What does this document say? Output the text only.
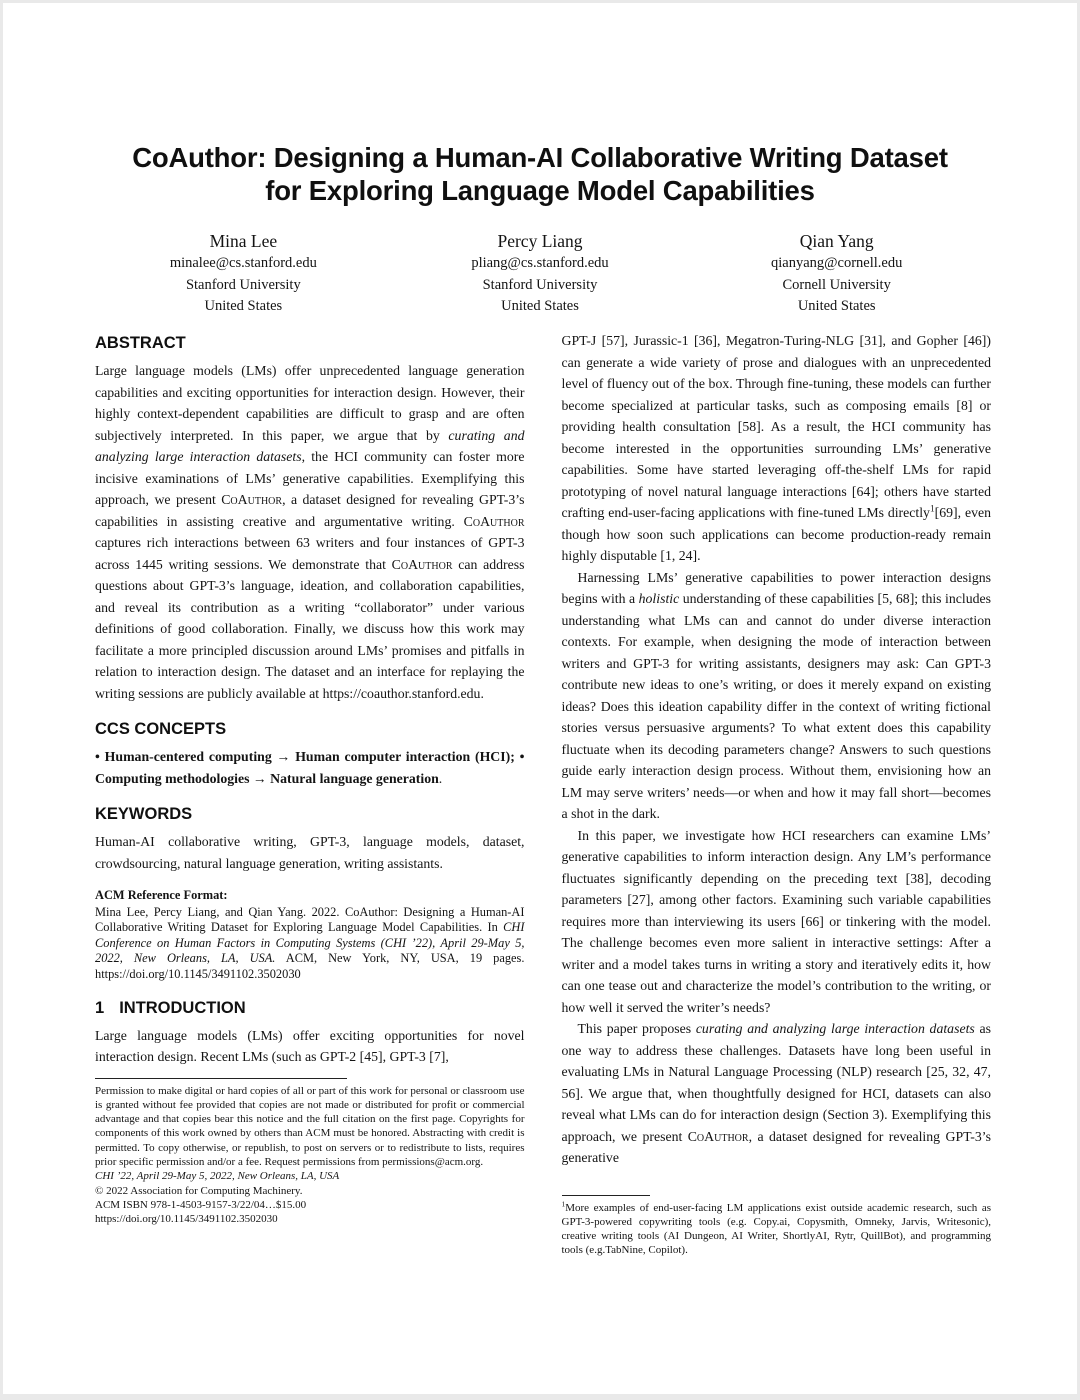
CoAuthor: Designing a Human-AI Collaborative Writing Dataset
for Exploring Language Model Capabilities
Mina Lee
minalee@cs.stanford.edu
Stanford University
United States
Percy Liang
pliang@cs.stanford.edu
Stanford University
United States
Qian Yang
qianyang@cornell.edu
Cornell University
United States
ABSTRACT
Large language models (LMs) offer unprecedented language generation capabilities and exciting opportunities for interaction design. However, their highly context-dependent capabilities are difficult to grasp and are often subjectively interpreted. In this paper, we argue that by curating and analyzing large interaction datasets, the HCI community can foster more incisive examinations of LMs’ generative capabilities. Exemplifying this approach, we present CoAuthor, a dataset designed for revealing GPT-3’s capabilities in assisting creative and argumentative writing. CoAuthor captures rich interactions between 63 writers and four instances of GPT-3 across 1445 writing sessions. We demonstrate that CoAuthor can address questions about GPT-3’s language, ideation, and collaboration capabilities, and reveal its contribution as a writing “collaborator” under various definitions of good collaboration. Finally, we discuss how this work may facilitate a more principled discussion around LMs’ promises and pitfalls in relation to interaction design. The dataset and an interface for replaying the writing sessions are publicly available at https://coauthor.stanford.edu.
CCS CONCEPTS
• Human-centered computing → Human computer interaction (HCI); • Computing methodologies → Natural language generation.
KEYWORDS
Human-AI collaborative writing, GPT-3, language models, dataset, crowdsourcing, natural language generation, writing assistants.
ACM Reference Format:
Mina Lee, Percy Liang, and Qian Yang. 2022. CoAuthor: Designing a Human-AI Collaborative Writing Dataset for Exploring Language Model Capabilities. In CHI Conference on Human Factors in Computing Systems (CHI ’22), April 29-May 5, 2022, New Orleans, LA, USA. ACM, New York, NY, USA, 19 pages. https://doi.org/10.1145/3491102.3502030
1 INTRODUCTION
Large language models (LMs) offer exciting opportunities for novel interaction design. Recent LMs (such as GPT-2 [45], GPT-3 [7],
Permission to make digital or hard copies of all or part of this work for personal or classroom use is granted without fee provided that copies are not made or distributed for profit or commercial advantage and that copies bear this notice and the full citation on the first page. Copyrights for components of this work owned by others than ACM must be honored. Abstracting with credit is permitted. To copy otherwise, or republish, to post on servers or to redistribute to lists, requires prior specific permission and/or a fee. Request permissions from permissions@acm.org.
CHI ’22, April 29-May 5, 2022, New Orleans, LA, USA
© 2022 Association for Computing Machinery.
ACM ISBN 978-1-4503-9157-3/22/04…$15.00
https://doi.org/10.1145/3491102.3502030
GPT-J [57], Jurassic-1 [36], Megatron-Turing-NLG [31], and Gopher [46]) can generate a wide variety of prose and dialogues with an unprecedented level of fluency out of the box. Through fine-tuning, these models can further become specialized at particular tasks, such as composing emails [8] or providing health consultation [58]. As a result, the HCI community has become interested in the opportunities surrounding LMs’ generative capabilities. Some have started leveraging off-the-shelf LMs for rapid prototyping of novel natural language interactions [64]; others have started crafting end-user-facing applications with fine-tuned LMs directly$^1$[69], even though how soon such applications can become production-ready remain highly disputable [1, 24].
Harnessing LMs’ generative capabilities to power interaction designs begins with a holistic understanding of these capabilities [5, 68]; this includes understanding what LMs can and cannot do under diverse interaction contexts. For example, when designing the mode of interaction between writers and GPT-3 for writing assistants, designers may ask: Can GPT-3 contribute new ideas to one’s writing, or does it merely expand on existing ideas? Does this ideation capability differ in the context of writing fictional stories versus persuasive arguments? To what extent does this capability fluctuate when its decoding parameters change? Answers to such questions guide early interaction design process. Without them, envisioning how an LM may serve writers’ needs—or when and how it may fall short—becomes a shot in the dark.
In this paper, we investigate how HCI researchers can examine LMs’ generative capabilities to inform interaction design. Any LM’s performance fluctuates significantly depending on the preceding text [38], decoding parameters [27], among other factors. Examining such variable capabilities requires more than interviewing its users [66] or tinkering with the model. The challenge becomes even more salient in interactive settings: After a writer and a model takes turns in writing a story and iteratively edits it, how can one tease out and characterize the model’s contribution to the writing, or how well it served the writer’s needs?
This paper proposes curating and analyzing large interaction datasets as one way to address these challenges. Datasets have long been useful in evaluating LMs in Natural Language Processing (NLP) research [25, 32, 47, 56]. We argue that, when thoughtfully designed for HCI, datasets can also reveal what LMs can do for interaction design (Section 3). Exemplifying this approach, we present CoAuthor, a dataset designed for revealing GPT-3’s generative
$^1$More examples of end-user-facing LM applications exist outside academic research, such as GPT-3-powered copywriting tools (e.g. Copy.ai, Copysmith, Omneky, Jarvis, Writesonic), creative writing tools (AI Dungeon, AI Writer, ShortlyAI, Rytr, QuillBot), and programming tools (e.g.TabNine, Copilot).
